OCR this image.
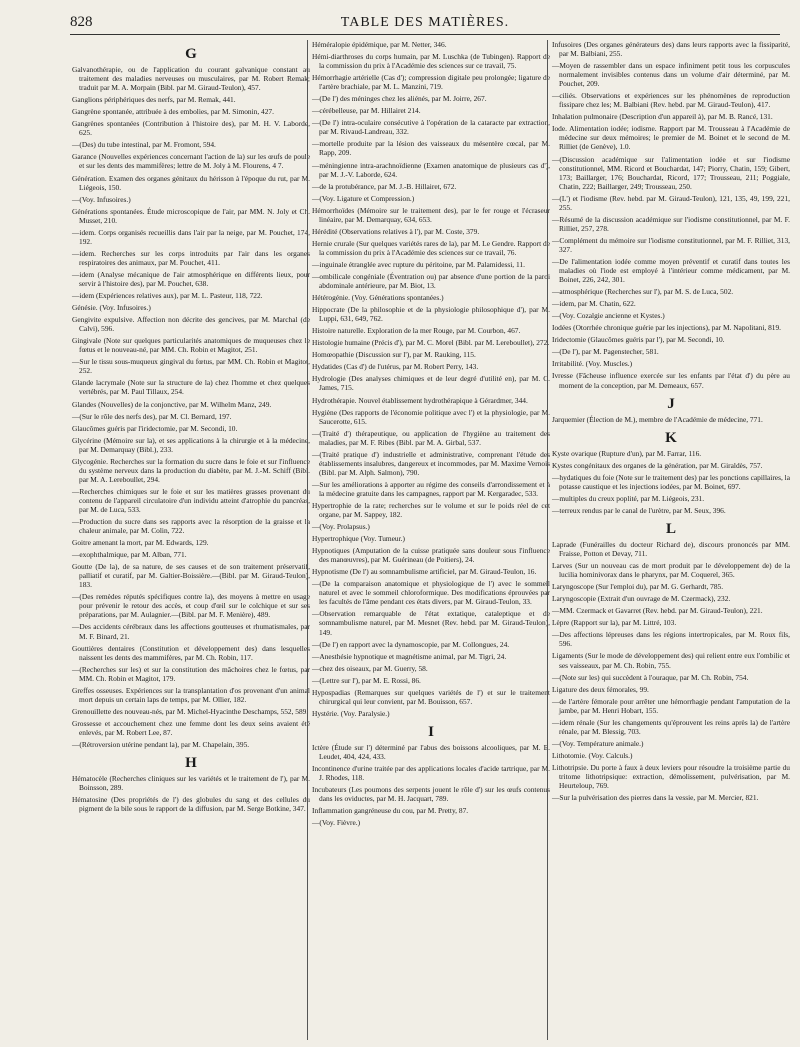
828	TABLE DES MATIÈRES.
G

Galvanothérapie, ou de l'application du courant galvanique constant au traitement des maladies nerveuses ou musculaires, par M. Robert Remak; traduit par M. A. Morpain (Bibl. par M. Giraud-Teulon), 457.

Ganglions périphériques des nerfs, par M. Remak, 441.

Gangrène spontanée, attribuée à des embolies, par M. Simonin, 427.

Gangrènes spontanées (Contribution à l'histoire des), par M. H. V. Laborde, 625.

—(Des) du tube intestinal, par M. Fromont, 594.

Garance (Nouvelles expériences concernant l'action de la) sur les œufs de poule et sur les dents des mammifères; lettre de M. Joly à M. Flourens, 4 7.

Génération. Examen des organes génitaux du hérisson à l'époque du rut, par M. Liégeois, 150.

—(Voy. Infusoires.)

Générations spontanées. Étude microscopique de l'air, par MM. N. Joly et Ch. Musset, 210.

—idem. Corps organisés recueillis dans l'air par la neige, par M. Pouchet, 174, 192.

—idem. Recherches sur les corps introduits par l'air dans les organes respiratoires des animaux, par M. Pouchet, 411.

—idem (Analyse mécanique de l'air atmosphérique en différents lieux, pour servir à l'histoire des), par M. Pouchet, 638.

—idem (Expériences relatives aux), par M. L. Pasteur, 118, 722.

Génésie. (Voy. Infusoires.)

Gengivite expulsive. Affection non décrite des gencives, par M. Marchal (de Calvi), 596.

Gingivale (Note sur quelques particularités anatomiques de muqueuses chez le fœtus et le nouveau-né, par MM. Ch. Robin et Magitot, 251.

—Sur le tissu sous-muqueux gingival du fœtus, par MM. Ch. Robin et Magitot, 252.

Glande lacrymale (Note sur la structure de la) chez l'homme et chez quelques vertébrés, par M. Paul Tillaux, 254.

Glandes (Nouvelles) de la conjonctive, par M. Wilhelm Manz, 249.

—(Sur le rôle des nerfs des), par M. Cl. Bernard, 197.

Glaucômes guéris par l'iridectomie, par M. Secondi, 10.

Glycérine (Mémoire sur la), et ses applications à la chirurgie et à la médecine, par M. Demarquay (Bibl.), 233.

Glycogénie. Recherches sur la formation du sucre dans le foie et sur l'influence du système nerveux dans la production du diabète, par M. J.-M. Schiff (Bibl. par M. A. Lereboullet, 294.

—Recherches chimiques sur le foie et sur les matières grasses provenant du contenu de l'appareil circulatoire d'un individu atteint d'atrophie du pancréas, par M. de Luca, 533.

—Production du sucre dans ses rapports avec la résorption de la graisse et la chaleur animale, par M. Colin, 722.

Goitre amenant la mort, par M. Edwards, 129.

—exophthalmique, par M. Alban, 771.

Goutte (De la), de sa nature, de ses causes et de son traitement préservatif, palliatif et curatif, par M. Galtier-Boissière.—(Bibl. par M. Giraud-Teulon), 183.

—(Des remèdes réputés spécifiques contre la), des moyens à mettre en usage pour prévenir le retour des accès, et coup d'œil sur le colchique et sur ses préparations, par M. Aulagnier.—(Bibl. par M. F. Menière), 489.

—Des accidents cérébraux dans les affections goutteuses et rhumatismales, par M. F. Binard, 21.

Gouttières dentaires (Constitution et développement des) dans lesquelles naissent les dents des mammifères, par M. Ch. Robin, 117.

—(Recherches sur les) et sur la constitution des mâchoires chez le fœtus, par MM. Ch. Robin et Magitot, 179.

Greffes osseuses. Expériences sur la transplantation d'os provenant d'un animal mort depuis un certain laps de temps, par M. Ollier, 182.

Grenouillette des nouveau-nés, par M. Michel-Hyacinthe Deschamps, 552, 589.

Grossesse et accouchement chez une femme dont les deux seins avaient été enlevés, par M. Robert Lee, 87.

—(Rétroversion utérine pendant la), par M. Chapelain, 395.

H

Hématocèle (Recherches cliniques sur les variétés et le traitement de l'), par M. Boinsson, 289.

Hématosine (Des propriétés de l') des globules du sang et des cellules du pigment de la bile sous le rapport de la diffusion, par M. Serge Botkine, 347.

Héméralopie épidémique, par M. Netter, 346.

Hémi-diarthroses du corps humain, par M. Luschka (de Tubingen). Rapport de la commission du prix à l'Académie des sciences sur ce travail, 75.

Hémorrhagie artérielle (Cas d'); compression digitale peu prolongée; ligature de l'artère brachiale, par M. L. Manzini, 719.

—(De l') des méninges chez les aliénés, par M. Joirre, 267.

—cérébelleuse, par M. Hillairet 214.

—(De l') intra-oculaire consécutive à l'opération de la cataracte par extraction, par M. Rivaud-Landreau, 332.

—mortelle produite par la lésion des vaisseaux du mésentère cœcal, par M. Rapp, 209.

—méningienne intra-arachnoïdienne (Examen anatomique de plusieurs cas d'), par M. J.-V. Laborde, 624.

—de la protubérance, par M. J.-B. Hillairet, 672.

—(Voy. Ligature et Compression.)

Hémorrhoïdes (Mémoire sur le traitement des), par le fer rouge et l'écraseur linéaire, par M. Demarquay, 634, 653.

Hérédité (Observations relatives à l'), par M. Coste, 379.

Hernie crurale (Sur quelques variétés rares de la), par M. Le Gendre. Rapport de la commission du prix à l'Académie des sciences sur ce travail, 76.

—inguinale étranglée avec rupture du péritoine, par M. Palamidessi, 11.

—ombilicale congéniale (Éventration ou) par absence d'une portion de la paroi abdominale antérieure, par M. Biot, 13.

Hétérogénie. (Voy. Générations spontanées.)

Hippocrate (De la philosophie et de la physiologie philosophique d'), par M. Luppi, 631, 649, 762.

Histoire naturelle. Exploration de la mer Rouge, par M. Courbon, 467.

Histologie humaine (Précis d'), par M. C. Morel (Bibl. par M. Lereboullet), 272.

Homœopathie (Discussion sur l'), par M. Rauking, 115.

Hydatides (Cas d') de l'utérus, par M. Robert Perry, 143.

Hydrologie (Des analyses chimiques et de leur degré d'utilité en), par M. C. James, 715.

Hydrothérapie. Nouvel établissement hydrothérapique à Gérardmer, 344.

Hygiène (Des rapports de l'économie politique avec l') et la physiologie, par M. Saucerotte, 615.

—(Traité d') thérapeutique, ou application de l'hygiène au traitement des maladies, par M. F. Ribes (Bibl. par M. A. Girbal, 537.

—(Traité pratique d') industrielle et administrative, comprenant l'étude des établissements insalubres, dangereux et incommodes, par M. Maxime Vernois (Bibl. par M. Alph. Salmon), 790.

—Sur les améliorations à apporter au régime des conseils d'arrondissement et à la médecine gratuite dans les campagnes, rapport par M. Kergaradec, 533.

Hypertrophie de la rate; recherches sur le volume et sur le poids réel de cet organe, par M. Sappey, 182.

—(Voy. Prolapsus.)

Hypertrophique (Voy. Tumeur.)

Hypnotiques (Amputation de la cuisse pratiquée sans douleur sous l'influence des manœuvres), par M. Guérineau (de Poitiers), 24.

Hypnotisme (De l') au somnambulisme artificiel, par M. Giraud-Teulon, 16.

—(De la comparaison anatomique et physiologique de l') avec le sommeil naturel et avec le sommeil chloroformique. Des modifications éprouvées par les facultés de l'âme pendant ces états divers, par M. Giraud-Teulon, 33.

—Observation remarquable de l'état extatique, cataleptique et de somnambulisme naturel, par M. Mesnet (Rev. hebd. par M. Giraud-Teulon), 149.

—(De l') en rapport avec la dynamoscopie, par M. Collongues, 24.

—Anesthésie hypnotique et magnétisme animal, par M. Tigri, 24.

—chez des oiseaux, par M. Guerry, 58.

—(Lettre sur l'), par M. E. Rossi, 86.

Hypospadias (Remarques sur quelques variétés de l') et sur le traitement chirurgical qui leur convient, par M. Bouisson, 657.

Hystérie. (Voy. Paralysie.)

I

Ictère (Étude sur l') déterminé par l'abus des boissons alcooliques, par M. E. Leudet, 404, 424, 433.

Incontinence d'urine traitée par des applications locales d'acide tartrique, par M. J. Rhodes, 118.

Incubateurs (Les poumons des serpents jouent le rôle d') sur les œufs contenus dans les oviductes, par M. H. Jacquart, 789.

Inflammation gangréneuse du cou, par M. Pretty, 87.

—(Voy. Fièvre.)

Infusoires (Des organes générateurs des) dans leurs rapports avec la fissiparité, par M. Balbiani, 255.

—Moyen de rassembler dans un espace infiniment petit tous les corpuscules normalement invisibles contenus dans un volume d'air déterminé, par M. Pouchet, 209.

—ciliés. Observations et expériences sur les phénomènes de reproduction fissipare chez les; M. Balbiani (Rev. hebd. par M. Giraud-Teulon), 417.

Inhalation pulmonaire (Description d'un appareil à), par M. B. Rancé, 131.

Iode. Alimentation iodée; iodisme. Rapport par M. Trousseau à l'Académie de médecine sur deux mémoires; le premier de M. Boinet et le second de M. Rilliet (de Genève), 1.0.

—(Discussion académique sur l'alimentation iodée et sur l'iodisme constitutionnel, MM. Ricord et Bouchardat, 147; Piorry, Chatin, 159; Gibert, 173; Baillarger, 176; Bouchardat, Ricord, 177; Trousseau, 211; Poggiale, Chatin, 222; Baillarger, 249; Trousseau, 250.

—(L') et l'iodisme (Rev. hebd. par M. Giraud-Teulon), 121, 135, 49, 199, 221, 255.

—Résumé de la discussion académique sur l'iodisme constitutionnel, par M. F. Rilliet, 257, 278.

—Complément du mémoire sur l'iodisme constitutionnel, par M. F. Rilliet, 313, 327.

—De l'alimentation iodée comme moyen préventif et curatif dans toutes les maladies où l'iode est employé à l'intérieur comme médicament, par M. Boinet, 226, 242, 301.

—atmosphérique (Recherches sur l'), par M. S. de Luca, 502.

—idem, par M. Chatin, 622.

—(Voy. Cozalgie ancienne et Kystes.)

Iodées (Otorrhée chronique guérie par les injections), par M. Napolitani, 819.

Iridectomie (Glaucômes guéris par l'), par M. Secondi, 10.

—(De l'), par M. Pagenstecher, 581.

Irritabilité. (Voy. Muscles.)

Ivresse (Fâcheuse influence exercée sur les enfants par l'état d') du père au moment de la conception, par M. Demeaux, 657.

J

Jarquemier (Élection de M.), membre de l'Académie de médecine, 771.

K

Kyste ovarique (Rupture d'un), par M. Farrar, 116.

Kystes congénitaux des organes de la génération, par M. Giraldès, 757.

—hydatiques du foie (Note sur le traitement des) par les ponctions capillaires, la potasse caustique et les injections iodées, par M. Boinet, 697.

—multiples du creux poplité, par M. Liégeois, 231.

—terreux rendus par le canal de l'urètre, par M. Seux, 396.

L

Laprade (Funérailles du docteur Richard de), discours prononcés par MM. Fraisse, Potton et Devay, 711.

Larves (Sur un nouveau cas de mort produit par le développement de) de la lucilia hominivorax dans le pharynx, par M. Coquerel, 365.

Laryngoscope (Sur l'emploi du), par M. G. Gerhardt, 785.

Laryngoscopie (Extrait d'un ouvrage de M. Czermack), 232.

—MM. Czermack et Gavarret (Rev. hebd. par M. Giraud-Teulon), 221.

Lèpre (Rapport sur la), par M. Littré, 103.

—Des affections lépreuses dans les régions intertropicales, par M. Roux fils, 596.

Ligaments (Sur le mode de développement des) qui relient entre eux l'ombilic et ses vaisseaux, par M. Ch. Robin, 755.

—(Note sur les) qui succèdent à l'ouraque, par M. Ch. Robin, 754.

Ligature des deux fémorales, 99.

—de l'artère fémorale pour arrêter une hémorrhagie pendant l'amputation de la jambe, par M. Henri Hobart, 155.

—idem rénale (Sur les changements qu'éprouvent les reins après la) de l'artère rénale, par M. Blessig, 703.

—(Voy. Température animale.)

Lithotomie. (Voy. Calculs.)

Lithotripsie. Du porte à faux à deux leviers pour résoudre la troisième partie du tritome lithotripsique: extraction, démolissement, pulvérisation, par M. Heurteloup, 769.

—Sur la pulvérisation des pierres dans la vessie, par M. Mercier, 821.
